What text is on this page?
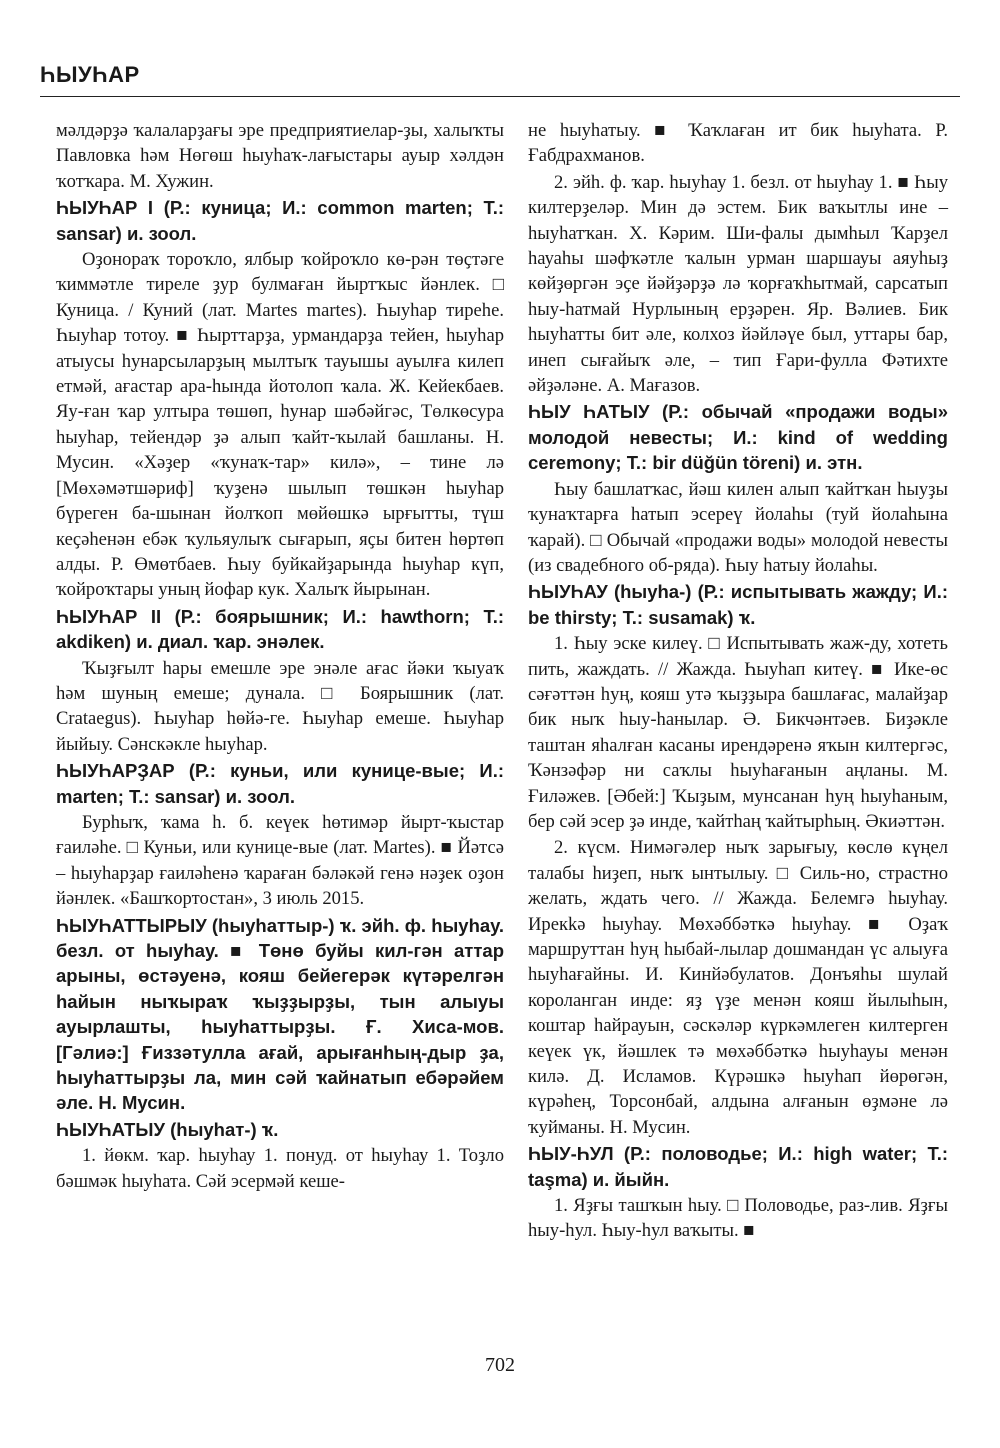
ҺЫУҺАР

мәлдәрҙә ҡалаларҙағы эре предприятиелар-ҙы, халыҡты Павловка һәм Нөгөш һыуһаҡ-лағыстары ауыр хәлдән ҡотҡара. М. Хужин.

ҺЫУҺАР I (Р.: куница; И.: common marten; Т.: sansar) и. зоол.

Оҙонораҡ тороҡло, ялбыр ҡойроҡло кө-рән төҫтәге ҡиммәтле тиреле ҙур булмаған йыртҡыс йәнлек. □ Куница. / Куний (лат. Martes martes). Һыуһар тиреһе. Һыуһар тотоу. ■ Һырттарҙа, урмандарҙа тейен, һыуһар атыусы һунарсыларҙың мылтыҡ тауышы ауылға килеп етмәй, ағастар ара-һында йотолоп ҡала. Ж. Кейекбаев. Яу-ған ҡар ултыра төшөп, һунар шәбәйгәс, Төлкөсура һыуһар, тейендәр ҙә алып ҡайт-ҡылай башланы. Н. Мусин. «Хәҙер «ҡунаҡ-тар» килә», – тине лә [Мөхәмәтшәриф] ҡуҙенә шылып төшкән һыуһар бүреген ба-шынан йолҡоп мөйөшкә ырғытты, түш кеҫәһенән ебәк ҡульяулыҡ сығарып, яҫы битен һөртөп алды. Р. Өмөтбаев. Һыу буйкайҙарында һыуһар күп, ҡойроҡтары уның йофар кук. Халыҡ йырынан.

ҺЫУҺАР II (Р.: боярышник; И.: hawthorn; Т.: akdiken) и. диал. ҡар. энәлек.

Ҡыҙғылт һары емешле эре энәле ағас йәки ҡыуаҡ һәм шуның емеше; дунала. □ Боярышник (лат. Crataegus). Һыуһар һөйә-ге. Һыуһар емеше. Һыуһар йыйыу. Сәнскәкле һыуһар.

ҺЫУҺАРҘАР (Р.: куньи, или кунице-вые; И.: marten; Т.: sansar) и. зоол.

Бурһыҡ, ҡама һ. б. кеүек һөтимәр йырт-ҡыстар ғаиләһе. □ Куньи, или кунице-вые (лат. Martes). ■ Йәтсә – һыуһарҙар ғаиләһенә ҡараған бәләкәй генә нәҙек оҙон йәнлек. «Башҡортостан», 3 июль 2015.

ҺЫУҺАТТЫРЫУ (һыуһаттыр-) ҡ. эйһ. ф. һыуһау. безл. от һыуһау. ■ Төнө буйы кил-гән аттар арыны, өстәуенә, кояш бейегерәк күтәрелгән һайын ныҡыраҡ ҡыҙҙырҙы, тын алыуы ауырлашты, һыуһаттырҙы. Ғ. Хиса-мов. [Гәлиә:] Ғиззәтулла ағай, арығанһың-дыр ҙа, һыуһаттырҙы ла, мин сәй ҡайнатып ебәрәйем әле. Н. Мусин.

ҺЫУҺАТЫУ (һыуһат-) ҡ.

1. йөкм. ҡар. һыуһау 1. понуд. от һыуһау 1. Тоҙло бәшмәк һыуһата. Сәй эсермәй кеше-

не һыуһатыу. ■ Ҡаҡлаған ит бик һыуһата. Р. Ғабдрахманов.

2. эйһ. ф. ҡар. һыуһау 1. безл. от һыуһау 1. ■ Һыу килтерҙеләр. Мин дә эстем. Бик ваҡытлы ине – һыуһатҡан. Х. Кәрим. Ши-фалы дымһыл Ҡарҙел һауаһы шәфҡәтле ҡалын урман шаршауы аяуһыҙ көйҙөргән эҫе йәйҙәрҙә лә ҡорғаҡһытмай, сарсатып һыу-һатмай Нурлының ерҙәрен. Яр. Вәлиев. Бик һыуһатты бит әле, колхоз йәйләүе был, уттары бар, инеп сығайыҡ әле, – тип Ғари-фулла Фәтихте әйҙәләне. А. Мағазов.

ҺЫУ ҺАТЫУ (Р.: обычай «продажи воды» молодой невесты; И.: kind of wedding ceremony; Т.: bir düğün töreni) и. этн.

Һыу башлатҡас, йәш килен алып ҡайтҡан һыуҙы ҡунаҡтарға һатып эсереү йолаһы (туй йолаһына ҡарай). □ Обычай «продажи воды» молодой невесты (из свадебного об-ряда). Һыу һатыу йолаһы.

ҺЫУҺАУ (һыуһа-) (Р.: испытывать жажду; И.: be thirsty; Т.: susamak) ҡ.

1. Һыу эске килеү. □ Испытывать жаж-ду, хотеть пить, жаждать. // Жажда. Һыуһап китеү. ■ Ике-өс сәғәттән һуң, кояш утә ҡыҙҙыра башлағас, малайҙар бик ныҡ һыу-һанылар. Ә. Бикчәнтәев. Биҙәкле таштан яһалған касаны ирендәренә яҡын килтергәс, Ҡәнзәфәр ни саҡлы һыуһағанын аңланы. М. Ғиләжев. [Әбей:] Ҡыҙым, мунсанан һуң һыуһаным, бер сәй эсер ҙә инде, ҡайтһаң ҡайтырһың. Әкиәттән.

2. күсм. Нимәгәлер ныҡ зарығыу, көслө күңел талабы һиҙеп, ныҡ ынтылыу. □ Силь-но, страстно желать, ждать чего. // Жажда. Белемгә һыуһау. Ирекkә һыуһау. Мөхәббәткә һыуһау. ■ Оҙаҡ маршруттан һуң һыбай-лылар дошмандан үс алыуға һыуһағайны. И. Кинйәбулатов. Донъяһы шулай короланган инде: яҙ үҙе менән кояш йылыһын, коштар һайрауын, сәскәләр күркәмлеген килтерген кеүек үк, йәшлек тә мөхәббәткә һыуһауы менән килә. Д. Исламов. Күрәшкә һыуһап йөрөгән, күрәһең, Торсонбай, алдына алғанын өҙмәне лә ҡуйманы. Н. Мусин.

ҺЫУ-ҺУЛ (Р.: половодье; И.: high water; Т.: taşma) и. йыйн.

1. Яҙғы ташҡын һыу. □ Половодье, раз-лив. Яҙғы һыу-һул. Һыу-һул ваҡыты. ■

702
